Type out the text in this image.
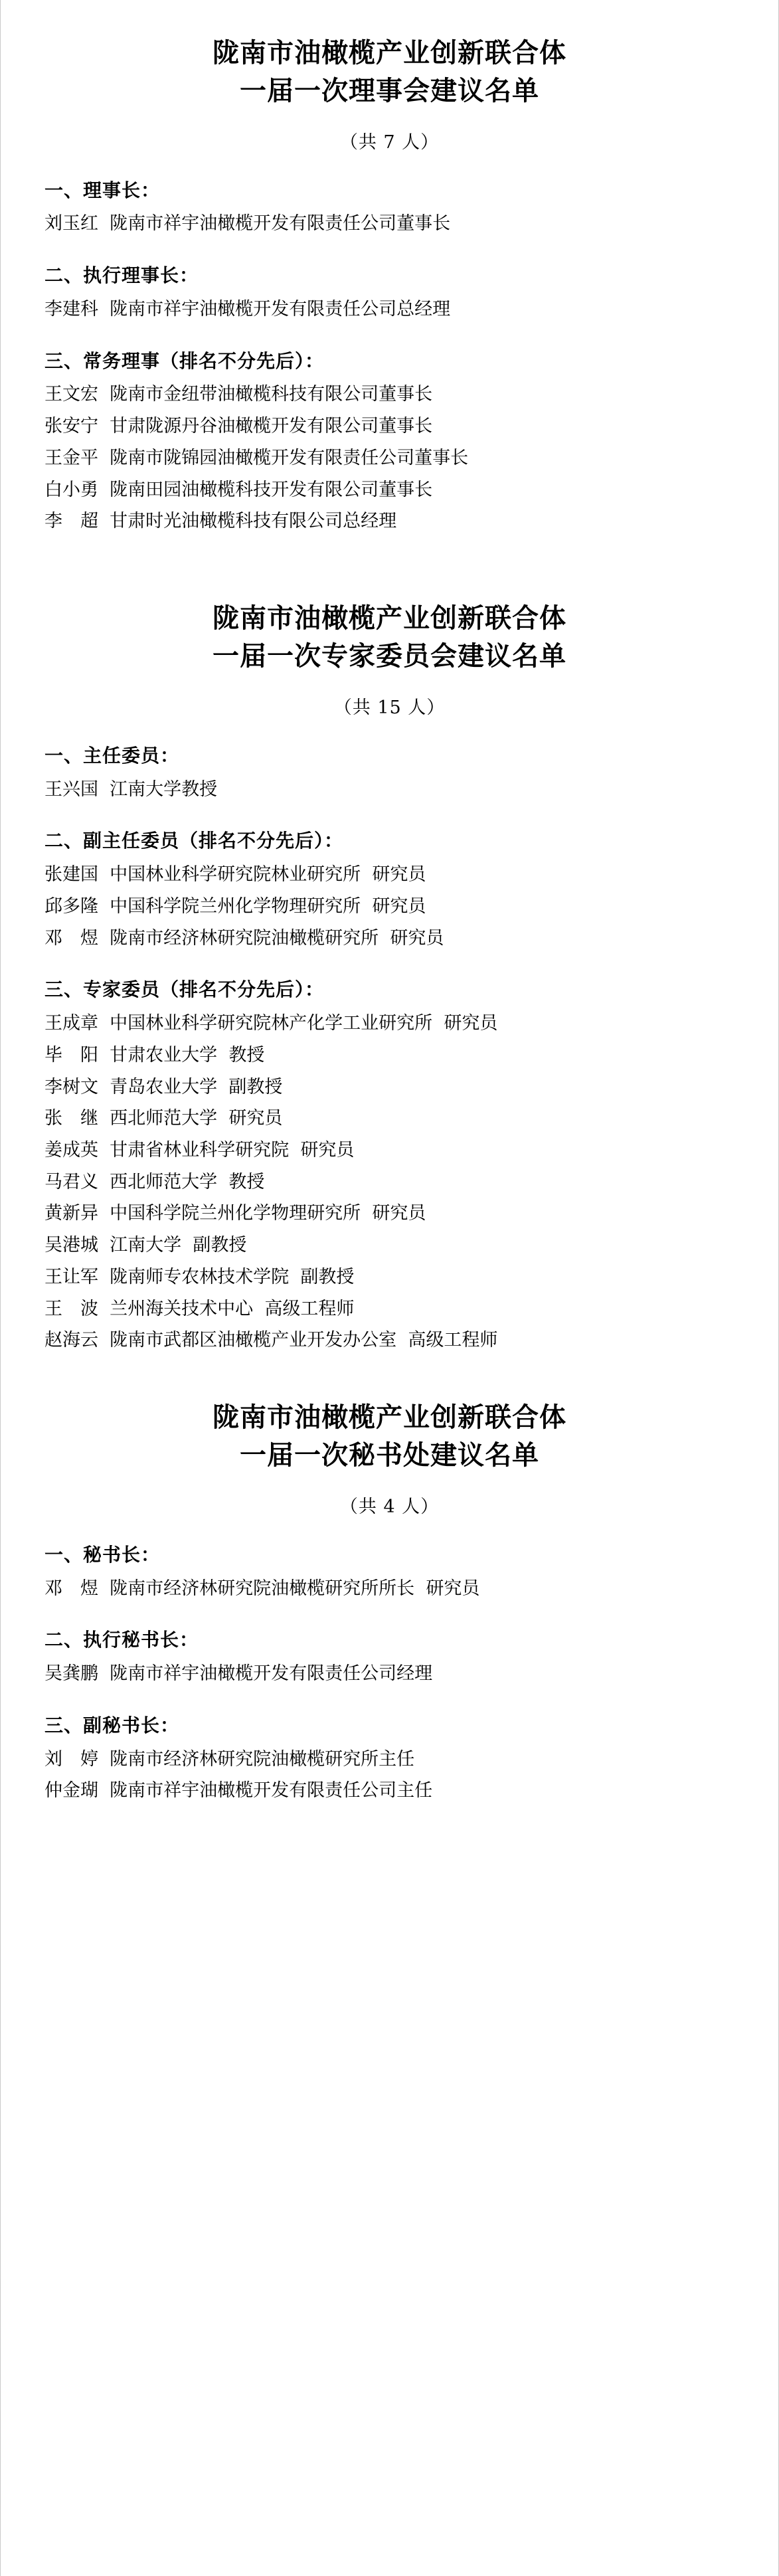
陇南市油橄榄产业创新联合体
一届一次理事会建议名单
（共 7 人）
一、理事长：
刘玉红  陇南市祥宇油橄榄开发有限责任公司董事长
二、执行理事长：
李建科  陇南市祥宇油橄榄开发有限责任公司总经理
三、常务理事（排名不分先后）：
王文宏  陇南市金纽带油橄榄科技有限公司董事长
张安宁  甘肃陇源丹谷油橄榄开发有限公司董事长
王金平  陇南市陇锦园油橄榄开发有限责任公司董事长
白小勇  陇南田园油橄榄科技开发有限公司董事长
李　超  甘肃时光油橄榄科技有限公司总经理
陇南市油橄榄产业创新联合体
一届一次专家委员会建议名单
（共 15 人）
一、主任委员：
王兴国  江南大学教授
二、副主任委员（排名不分先后）：
张建国  中国林业科学研究院林业研究所  研究员
邱多隆  中国科学院兰州化学物理研究所  研究员
邓　煜  陇南市经济林研究院油橄榄研究所  研究员
三、专家委员（排名不分先后）：
王成章  中国林业科学研究院林产化学工业研究所  研究员
毕　阳  甘肃农业大学  教授
李树文  青岛农业大学  副教授
张　继  西北师范大学  研究员
姜成英  甘肃省林业科学研究院  研究员
马君义  西北师范大学  教授
黄新异  中国科学院兰州化学物理研究所  研究员
吴港城  江南大学  副教授
王让军  陇南师专农林技术学院  副教授
王　波  兰州海关技术中心  高级工程师
赵海云  陇南市武都区油橄榄产业开发办公室  高级工程师
陇南市油橄榄产业创新联合体
一届一次秘书处建议名单
（共 4 人）
一、秘书长：
邓　煜  陇南市经济林研究院油橄榄研究所所长  研究员
二、执行秘书长：
吴龚鹏  陇南市祥宇油橄榄开发有限责任公司经理
三、副秘书长：
刘　婷  陇南市经济林研究院油橄榄研究所主任
仲金瑚  陇南市祥宇油橄榄开发有限责任公司主任
